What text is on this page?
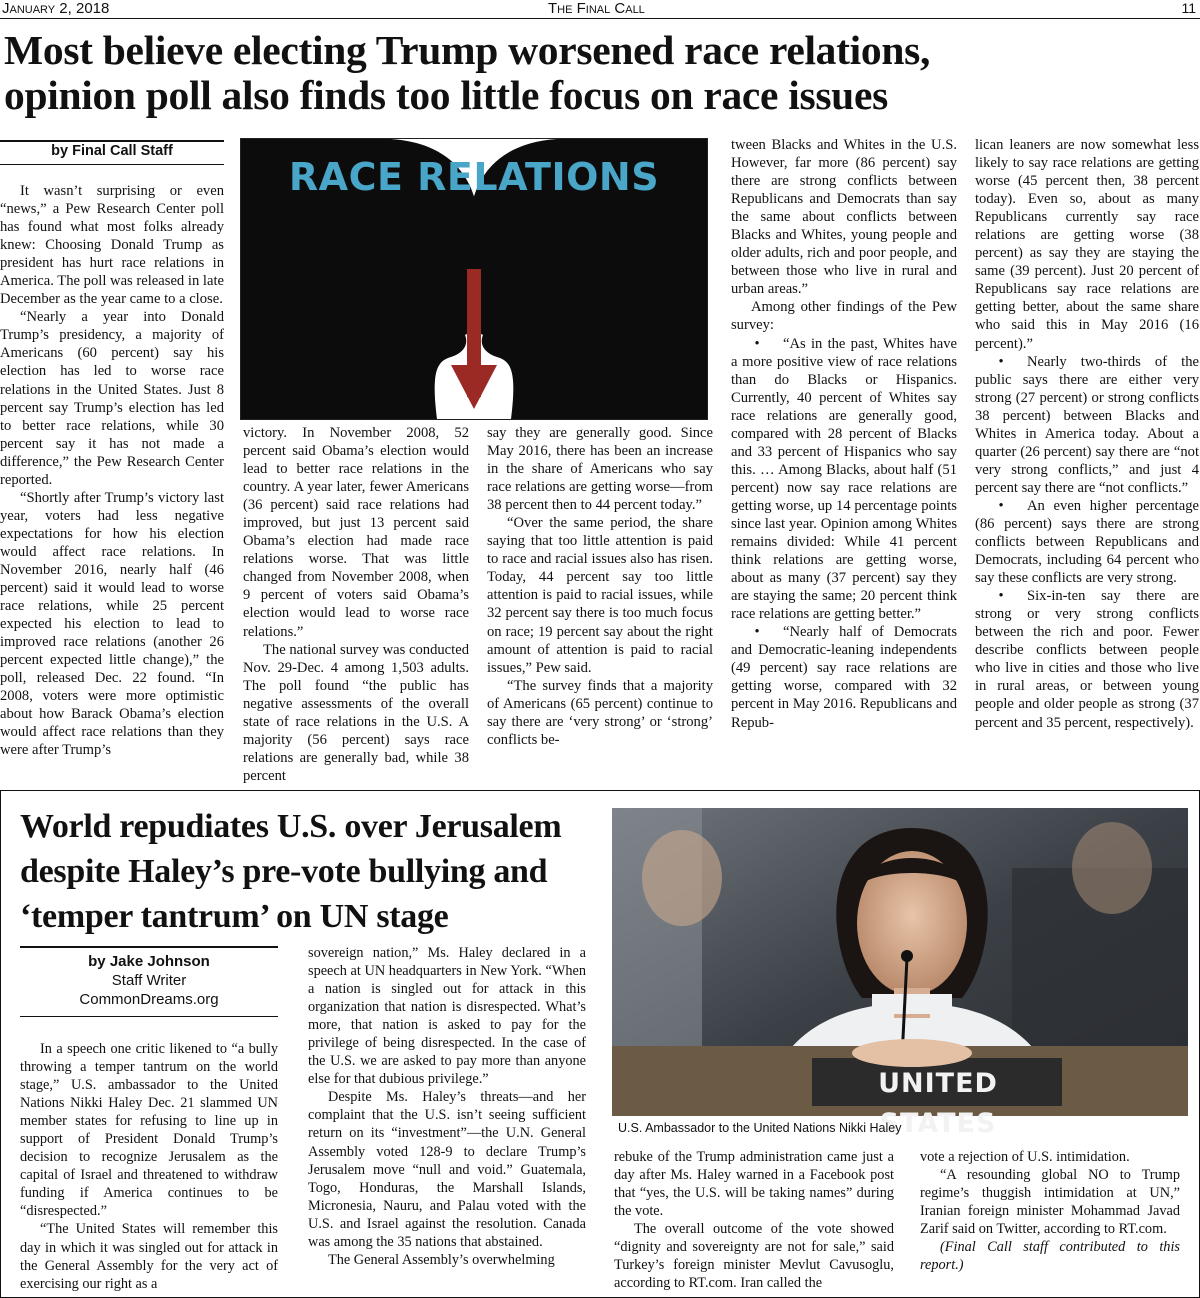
January 2, 2018	The Final Call	11
Most believe electing Trump worsened race relations,
opinion poll also finds too little focus on race issues
by Final Call Staff
RACE RELATIONS

It wasn’t surprising or even “news,” a Pew Research Center poll has found what most folks already knew: Choosing Donald Trump as president has hurt race relations in America. The poll was released in late December as the year came to a close.

“Nearly a year into Donald Trump’s presidency, a majority of Americans (60 percent) say his election has led to worse race relations in the United States. Just 8 percent say Trump’s election has led to better race relations, while 30 percent say it has not made a difference,” the Pew Research Center reported.

“Shortly after Trump’s victory last year, voters had less negative expectations for how his election would affect race relations. In November 2016, nearly half (46 percent) said it would lead to worse race relations, while 25 percent expected his election to lead to improved race relations (another 26 percent expected little change),” the poll, released Dec. 22 found. “In 2008, voters were more optimistic about how Barack Obama’s election would affect race relations than they were after Trump’s

victory. In November 2008, 52 percent said Obama’s election would lead to better race relations in the country. A year later, fewer Americans (36 percent) said race relations had improved, but just 13 percent said Obama’s election had made race relations worse. That was little changed from November 2008, when 9 percent of voters said Obama’s election would lead to worse race relations.”

The national survey was conducted Nov. 29-Dec. 4 among 1,503 adults. The poll found “the public has negative assessments of the overall state of race relations in the U.S. A majority (56 percent) says race relations are generally bad, while 38 percent

say they are generally good. Since May 2016, there has been an increase in the share of Americans who say race relations are getting worse—from 38 percent then to 44 percent today.”

“Over the same period, the share saying that too little attention is paid to race and racial issues also has risen. Today, 44 percent say too little attention is paid to racial issues, while 32 percent say there is too much focus on race; 19 percent say about the right amount of attention is paid to racial issues,” Pew said.

“The survey finds that a majority of Americans (65 percent) continue to say there are ‘very strong’ or ‘strong’ conflicts be-

tween Blacks and Whites in the U.S. However, far more (86 percent) say there are strong conflicts between Republicans and Democrats than say the same about conflicts between Blacks and Whites, young people and older adults, rich and poor people, and between those who live in rural and urban areas.”

Among other findings of the Pew survey:

• “As in the past, Whites have a more positive view of race relations than do Blacks or Hispanics. Currently, 40 percent of Whites say race relations are generally good, compared with 28 percent of Blacks and 33 percent of Hispanics who say this. … Among Blacks, about half (51 percent) now say race relations are getting worse, up 14 percentage points since last year. Opinion among Whites remains divided: While 41 percent think relations are getting worse, about as many (37 percent) say they are staying the same; 20 percent think race relations are getting better.”

• “Nearly half of Democrats and Democratic-leaning independents (49 percent) say race relations are getting worse, compared with 32 percent in May 2016. Republicans and Repub-

lican leaners are now somewhat less likely to say race relations are getting worse (45 percent then, 38 percent today). Even so, about as many Republicans currently say race relations are getting worse (38 percent) as say they are staying the same (39 percent). Just 20 percent of Republicans say race relations are getting better, about the same share who said this in May 2016 (16 percent).”

• Nearly two-thirds of the public says there are either very strong (27 percent) or strong conflicts 38 percent) between Blacks and Whites in America today. About a quarter (26 percent) say there are “not very strong conflicts,” and just 4 percent say there are “not conflicts.”

• An even higher percentage (86 percent) says there are strong conflicts between Republicans and Democrats, including 64 percent who say these conflicts are very strong.

• Six-in-ten say there are strong or very strong conflicts between the rich and poor. Fewer describe conflicts between people who live in cities and those who live in rural areas, or between young people and older people as strong (37 percent and 35 percent, respectively).

World repudiates U.S. over Jerusalem
despite Haley’s pre-vote bullying and
‘temper tantrum’ on UN stage
by Jake Johnson
Staff Writer
CommonDreams.org
UNITED STATES
U.S. Ambassador to the United Nations Nikki Haley

In a speech one critic likened to “a bully throwing a temper tantrum on the world stage,” U.S. ambassador to the United Nations Nikki Haley Dec. 21 slammed UN member states for refusing to line up in support of President Donald Trump’s decision to recognize Jerusalem as the capital of Israel and threatened to withdraw funding if America continues to be “disrespected.”

“The United States will remember this day in which it was singled out for attack in the General Assembly for the very act of exercising our right as a

sovereign nation,” Ms. Haley declared in a speech at UN headquarters in New York. “When a nation is singled out for attack in this organization that nation is disrespected. What’s more, that nation is asked to pay for the privilege of being disrespected. In the case of the U.S. we are asked to pay more than anyone else for that dubious privilege.”

Despite Ms. Haley’s threats—and her complaint that the U.S. isn’t seeing sufficient return on its “investment”—the U.N. General Assembly voted 128-9 to declare Trump’s Jerusalem move “null and void.” Guatemala, Togo, Honduras, the Marshall Islands, Micronesia, Nauru, and Palau voted with the U.S. and Israel against the resolution. Canada was among the 35 nations that abstained.

The General Assembly’s overwhelming

rebuke of the Trump administration came just a day after Ms. Haley warned in a Facebook post that “yes, the U.S. will be taking names” during the vote.

The overall outcome of the vote showed “dignity and sovereignty are not for sale,” said Turkey’s foreign minister Mevlut Cavusoglu, according to RT.com. Iran called the

vote a rejection of U.S. intimidation.

“A resounding global NO to Trump regime’s thuggish intimidation at UN,” Iranian foreign minister Mohammad Javad Zarif said on Twitter, according to RT.com.

(Final Call staff contributed to this report.)
